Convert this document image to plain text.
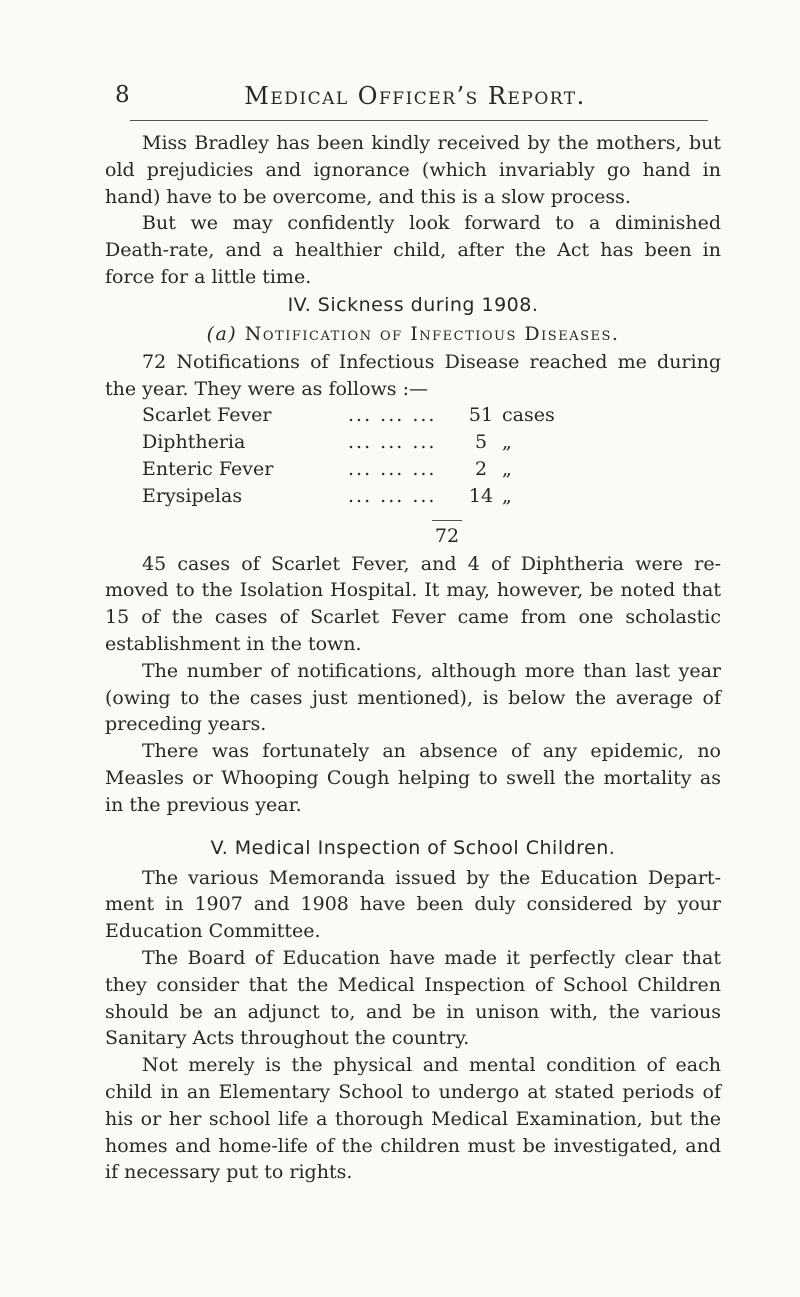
8	Medical Officer’s Report.

Miss Bradley has been kindly received by the mothers, but old prejudicies and ignorance (which invariably go hand in hand) have to be overcome, and this is a slow process.

But we may confidently look forward to a diminished Death-rate, and a healthier child, after the Act has been in force for a little time.

IV. Sickness during 1908.
(a) Notification of Infectious Diseases.

72 Notifications of Infectious Disease reached me during the year. They were as follows :—

Scarlet Fever	... ... ...	51	cases
Diphtheria	... ... ...	5	„
Enteric Fever	... ... ...	2	„
Erysipelas	... ... ...	14	„
72

45 cases of Scarlet Fever, and 4 of Diphtheria were re-moved to the Isolation Hospital. It may, however, be noted that 15 of the cases of Scarlet Fever came from one scholastic establishment in the town.

The number of notifications, although more than last year (owing to the cases just mentioned), is below the average of preceding years.

There was fortunately an absence of any epidemic, no Measles or Whooping Cough helping to swell the mortality as in the previous year.

V. Medical Inspection of School Children.

The various Memoranda issued by the Education Depart-ment in 1907 and 1908 have been duly considered by your Education Committee.

The Board of Education have made it perfectly clear that they consider that the Medical Inspection of School Children should be an adjunct to, and be in unison with, the various Sanitary Acts throughout the country.

Not merely is the physical and mental condition of each child in an Elementary School to undergo at stated periods of his or her school life a thorough Medical Examination, but the homes and home-life of the children must be investigated, and if necessary put to rights.
